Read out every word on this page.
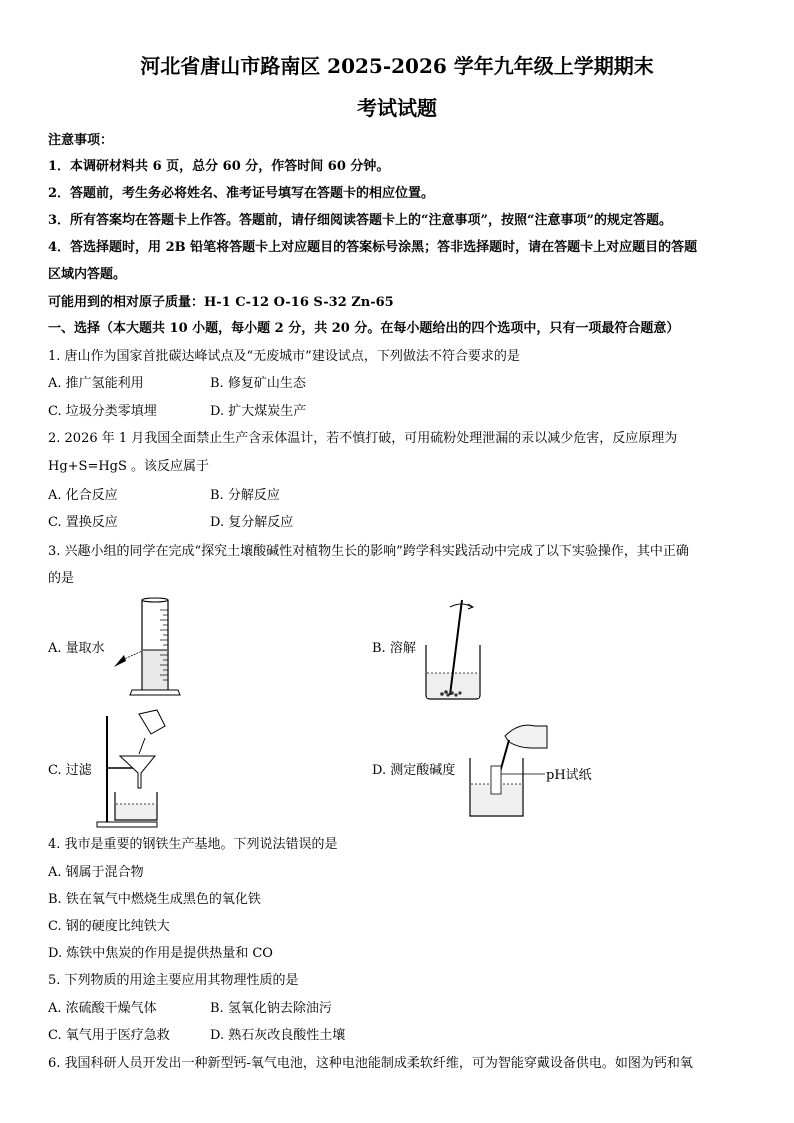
河北省唐山市路南区 2025-2026 学年九年级上学期期末
考试试题
注意事项：
1．本调研材料共 6 页，总分 60 分，作答时间 60 分钟。
2．答题前，考生务必将姓名、准考证号填写在答题卡的相应位置。
3．所有答案均在答题卡上作答。答题前，请仔细阅读答题卡上的“注意事项”，按照“注意事项”的规定答题。
4．答选择题时，用 2B 铅笔将答题卡上对应题目的答案标号涂黑；答非选择题时，请在答题卡上对应题目的答题
区域内答题。
可能用到的相对原子质量：H-1 C-12 O-16 S-32 Zn-65
一、选择（本大题共 10 小题，每小题 2 分，共 20 分。在每小题给出的四个选项中，只有一项最符合题意）
1. 唐山作为国家首批碳达峰试点及“无废城市”建设试点，下列做法不符合要求的是
A. 推广氢能利用	B. 修复矿山生态
C. 垃圾分类零填埋	D. 扩大煤炭生产
2. 2026 年 1 月我国全面禁止生产含汞体温计，若不慎打破，可用硫粉处理泄漏的汞以减少危害，反应原理为
Hg+S=HgS 。该反应属于
A. 化合反应	B. 分解反应
C. 置换反应	D. 复分解反应
3. 兴趣小组的同学在完成“探究土壤酸碱性对植物生长的影响”跨学科实践活动中完成了以下实验操作，其中正确
的是
A. 量取水	B. 溶解
C. 过滤	D. 测定酸碱度	pH试纸
4. 我市是重要的钢铁生产基地。下列说法错误的是
A. 钢属于混合物
B. 铁在氧气中燃烧生成黑色的氧化铁
C. 钢的硬度比纯铁大
D. 炼铁中焦炭的作用是提供热量和 CO
5. 下列物质的用途主要应用其物理性质的是
A. 浓硫酸干燥气体	B. 氢氧化钠去除油污
C. 氧气用于医疗急救	D. 熟石灰改良酸性土壤
6. 我国科研人员开发出一种新型钙-氧气电池，这种电池能制成柔软纤维，可为智能穿戴设备供电。如图为钙和氧
